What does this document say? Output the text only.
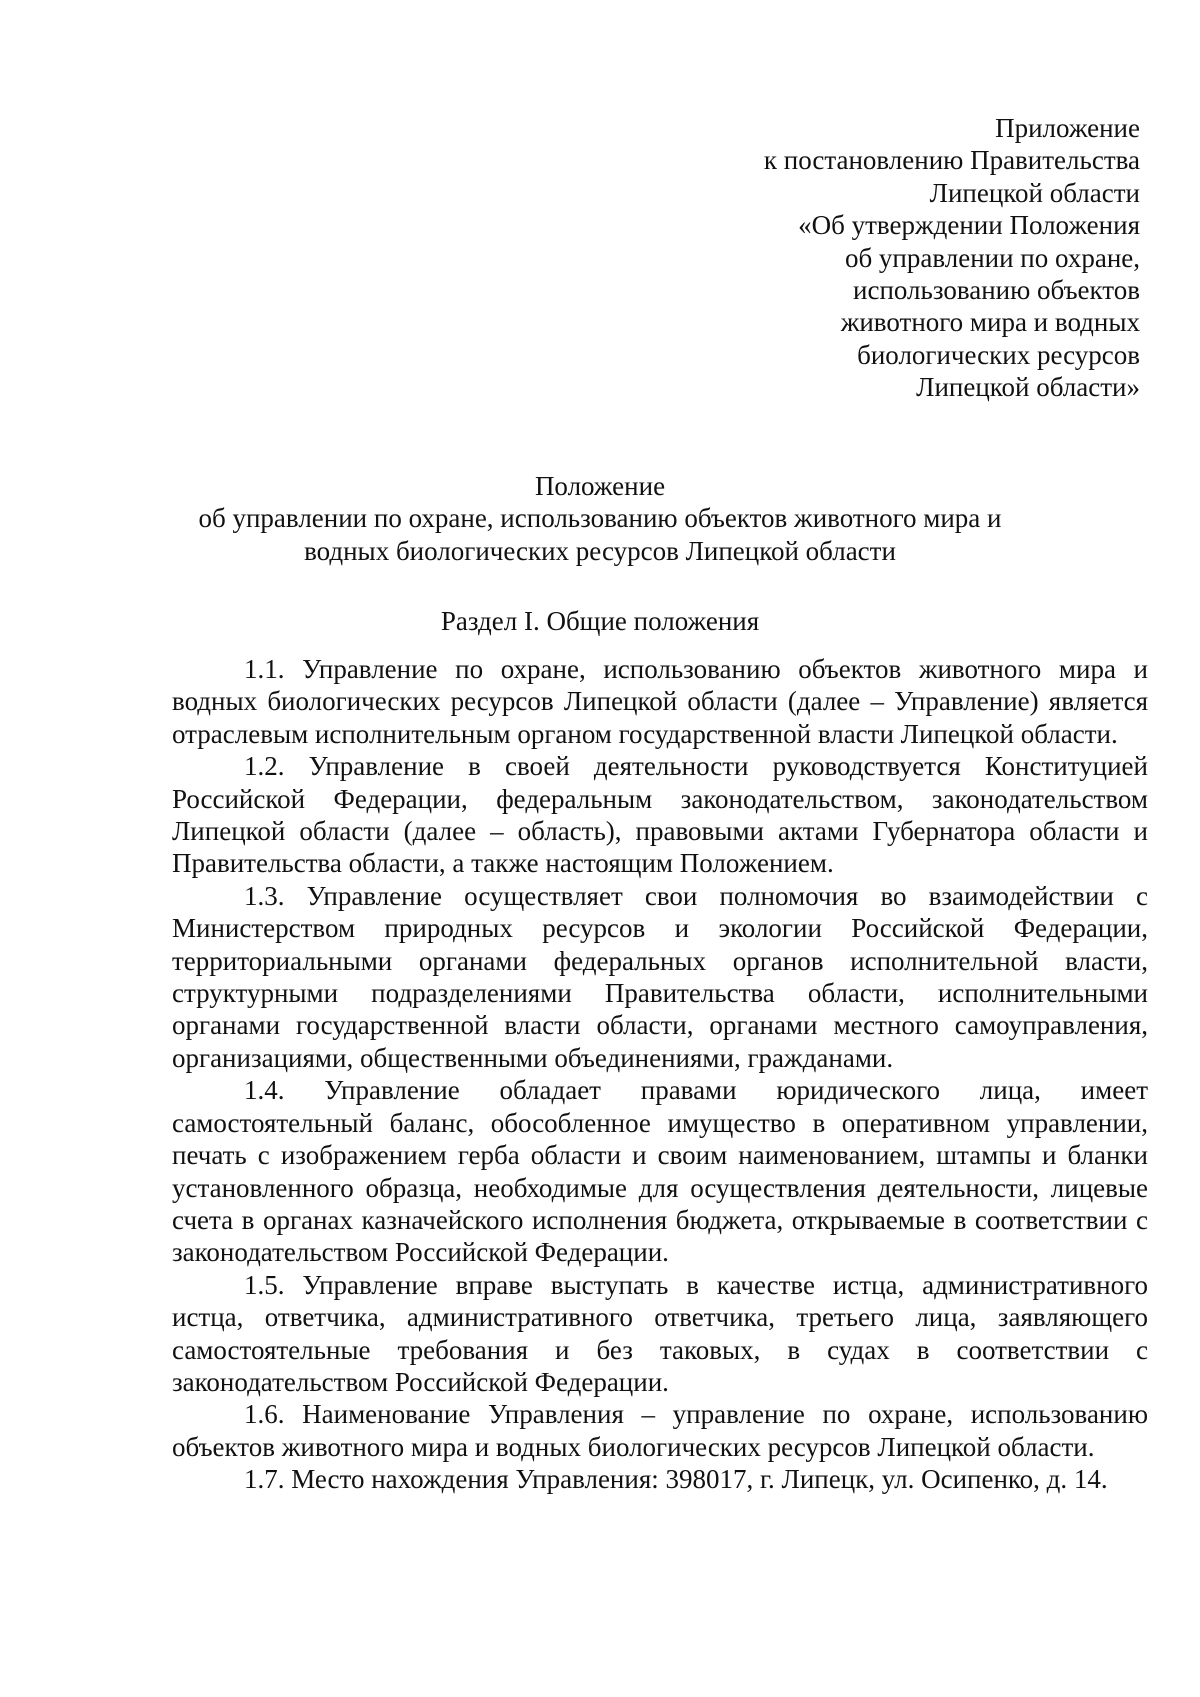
Приложение
к постановлению Правительства
Липецкой области
«Об утверждении Положения
об управлении по охране,
использованию объектов
животного мира и водных
биологических ресурсов
Липецкой области»
Положение
об управлении по охране, использованию объектов животного мира и
водных биологических ресурсов Липецкой области
Раздел I. Общие положения

1.1. Управление по охране, использованию объектов животного мира и водных биологических ресурсов Липецкой области (далее – Управление) является отраслевым исполнительным органом государственной власти Липецкой области.

1.2. Управление в своей деятельности руководствуется Конституцией Российской Федерации, федеральным законодательством, законодательством Липецкой области (далее – область), правовыми актами Губернатора области и Правительства области, а также настоящим Положением.

1.3. Управление осуществляет свои полномочия во взаимодействии с Министерством природных ресурсов и экологии Российской Федерации, территориальными органами федеральных органов исполнительной власти, структурными подразделениями Правительства области, исполнительными органами государственной власти области, органами местного самоуправления, организациями, общественными объединениями, гражданами.

1.4. Управление обладает правами юридического лица, имеет самостоятельный баланс, обособленное имущество в оперативном управлении, печать с изображением герба области и своим наименованием, штампы и бланки установленного образца, необходимые для осуществления деятельности, лицевые счета в органах казначейского исполнения бюджета, открываемые в соответствии с законодательством Российской Федерации.

1.5. Управление вправе выступать в качестве истца, административного истца, ответчика, административного ответчика, третьего лица, заявляющего самостоятельные требования и без таковых, в судах в соответствии с законодательством Российской Федерации.

1.6. Наименование Управления – управление по охране, использованию объектов животного мира и водных биологических ресурсов Липецкой области.

1.7. Место нахождения Управления: 398017, г. Липецк, ул. Осипенко, д. 14.
